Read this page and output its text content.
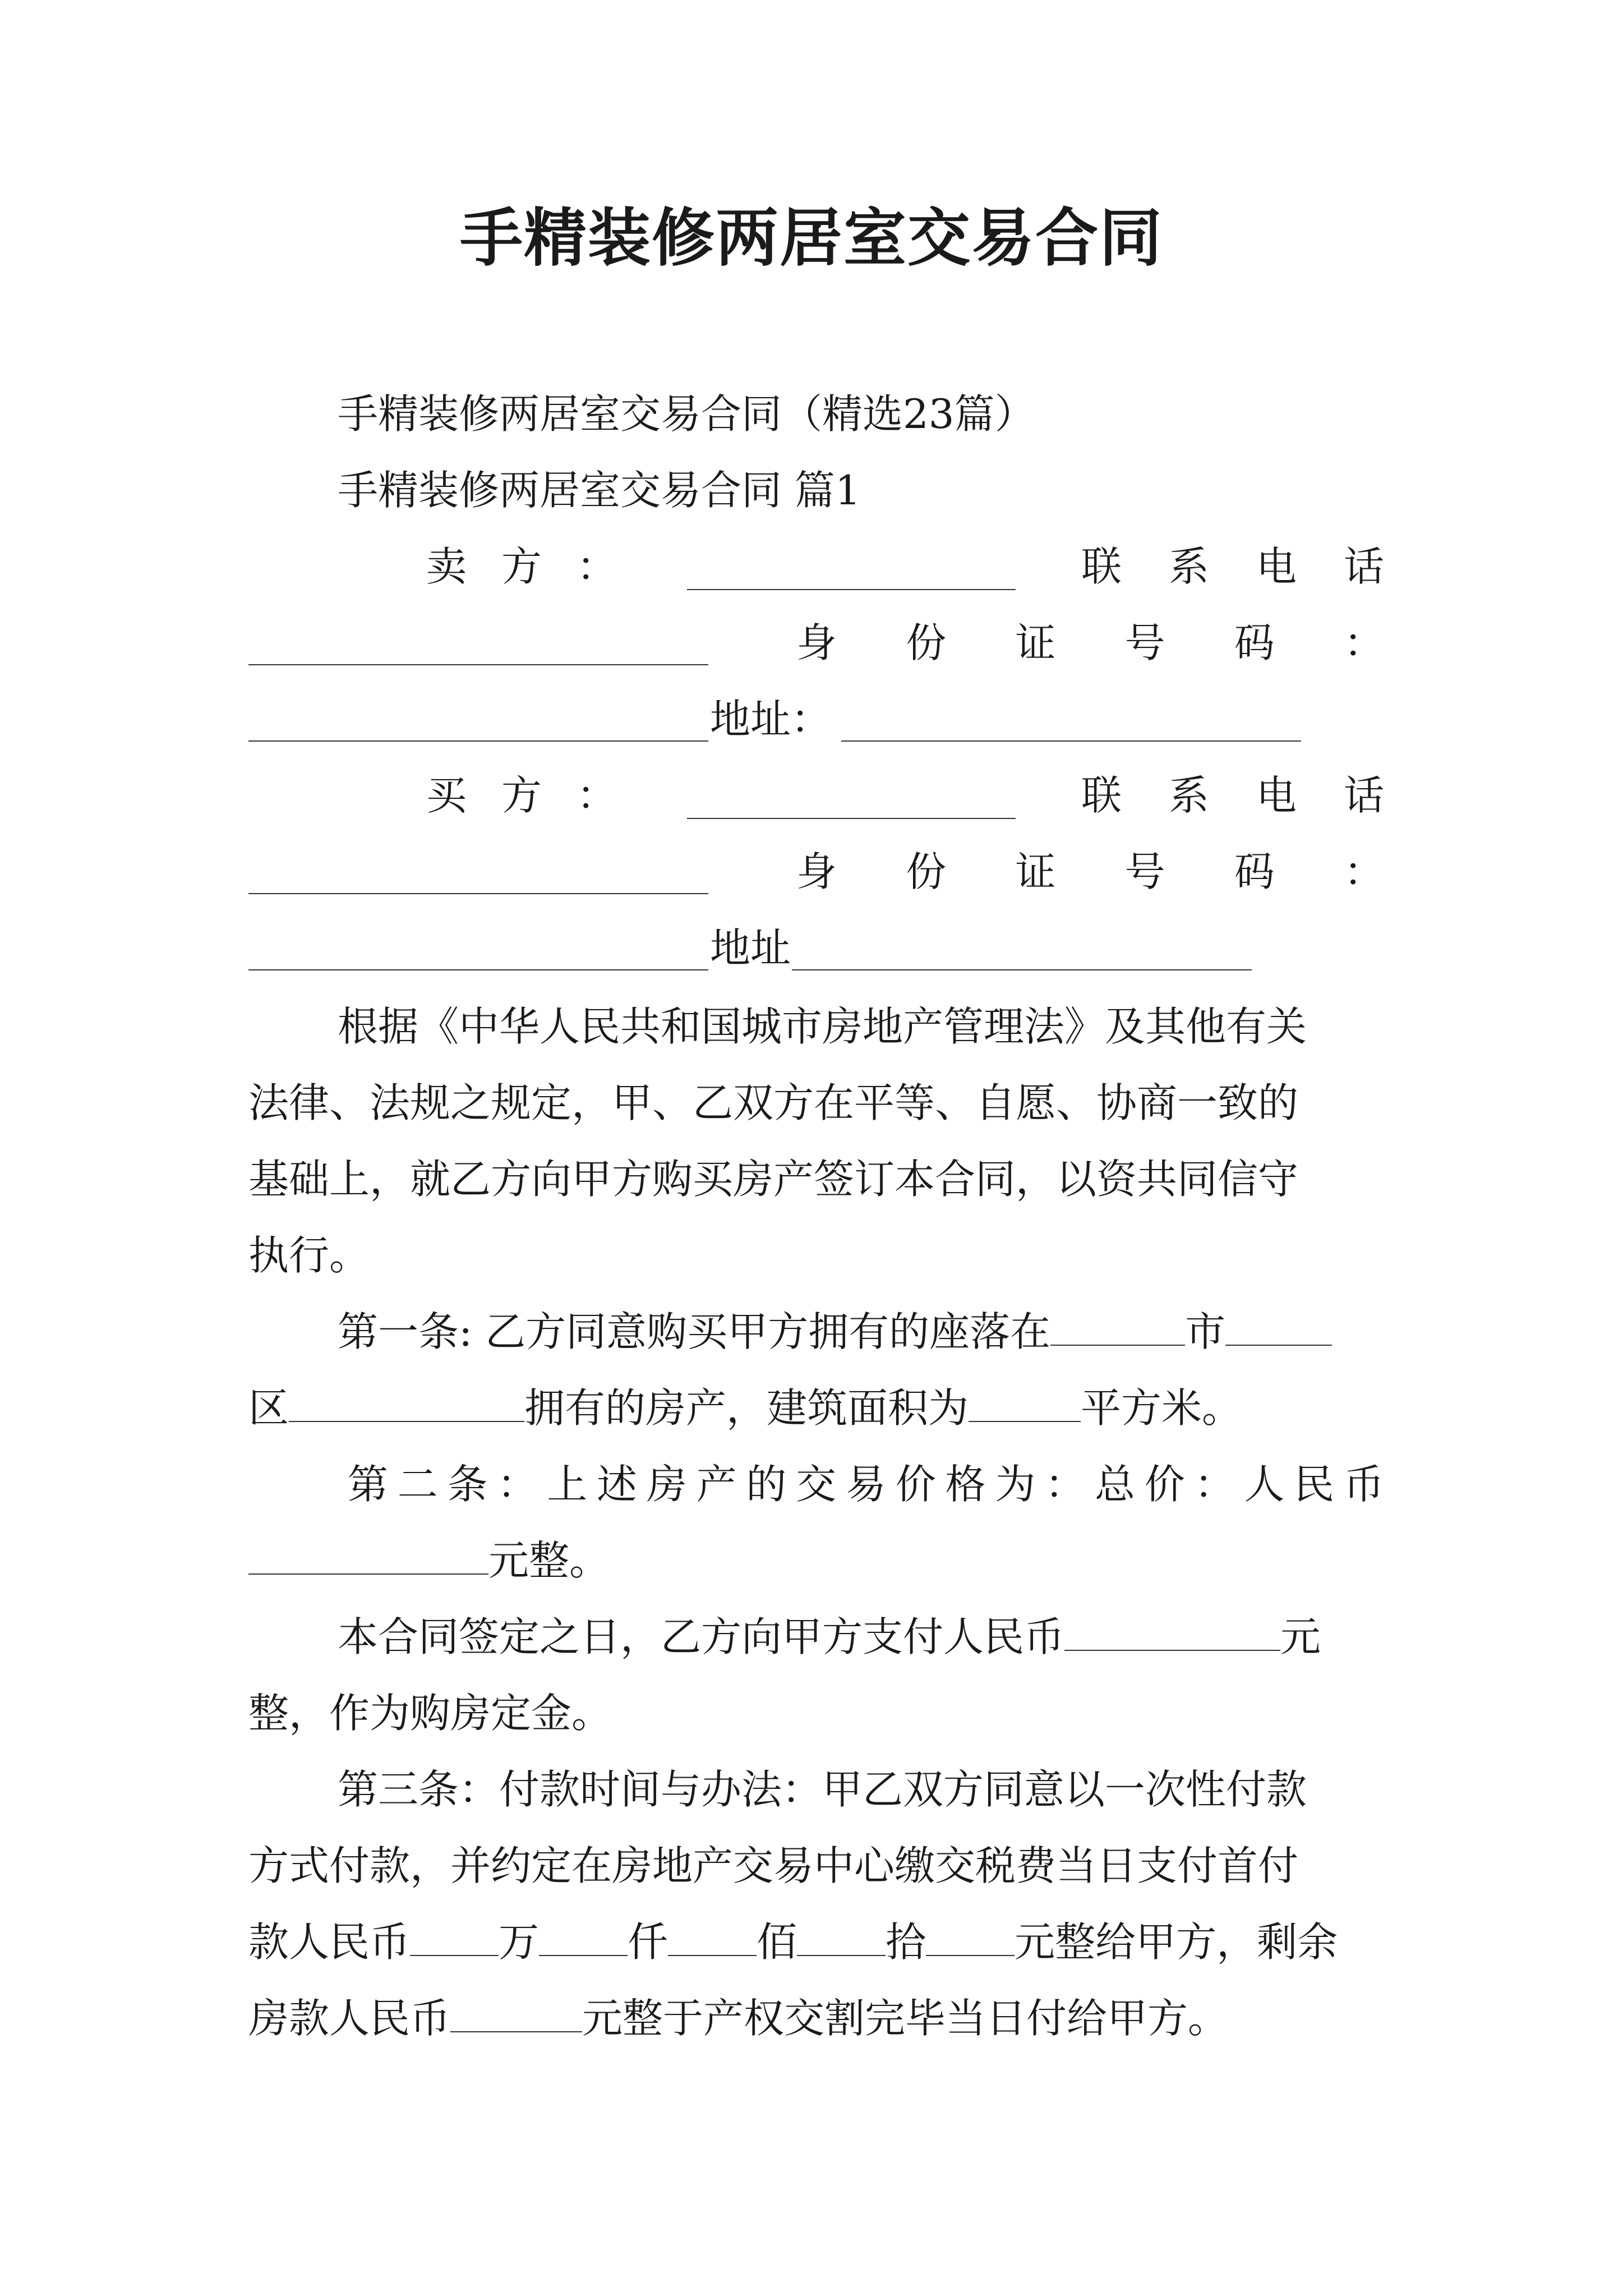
手精装修两居室交易合同
手精装修两居室交易合同（精选23篇）
手精装修两居室交易合同 篇1
卖 方 ：	联 系 电 话
身 份 证 号 码 ：
地址：
买 方 ：	联 系 电 话
身 份 证 号 码 ：
地址
根据《中华人民共和国城市房地产管理法》及其他有关
法律、法规之规定，甲、乙双方在平等、自愿、协商一致的
基础上，就乙方向甲方购买房产签订本合同，以资共同信守
执行。
第一条: 乙方同意购买甲方拥有的座落在	市
区	拥有的房产，建筑面积为	平方米。
第 二 条 ： 上 述 房 产 的 交 易 价 格 为 ： 总 价 ： 人 民 币
元整。
本合同签定之日，乙方向甲方支付人民币	元
整，作为购房定金。
第三条：付款时间与办法：甲乙双方同意以一次性付款
方式付款，并约定在房地产交易中心缴交税费当日支付首付
款人民币 万 仟 佰 拾 元整给甲方，剩余
房款人民币	元整于产权交割完毕当日付给甲方。
